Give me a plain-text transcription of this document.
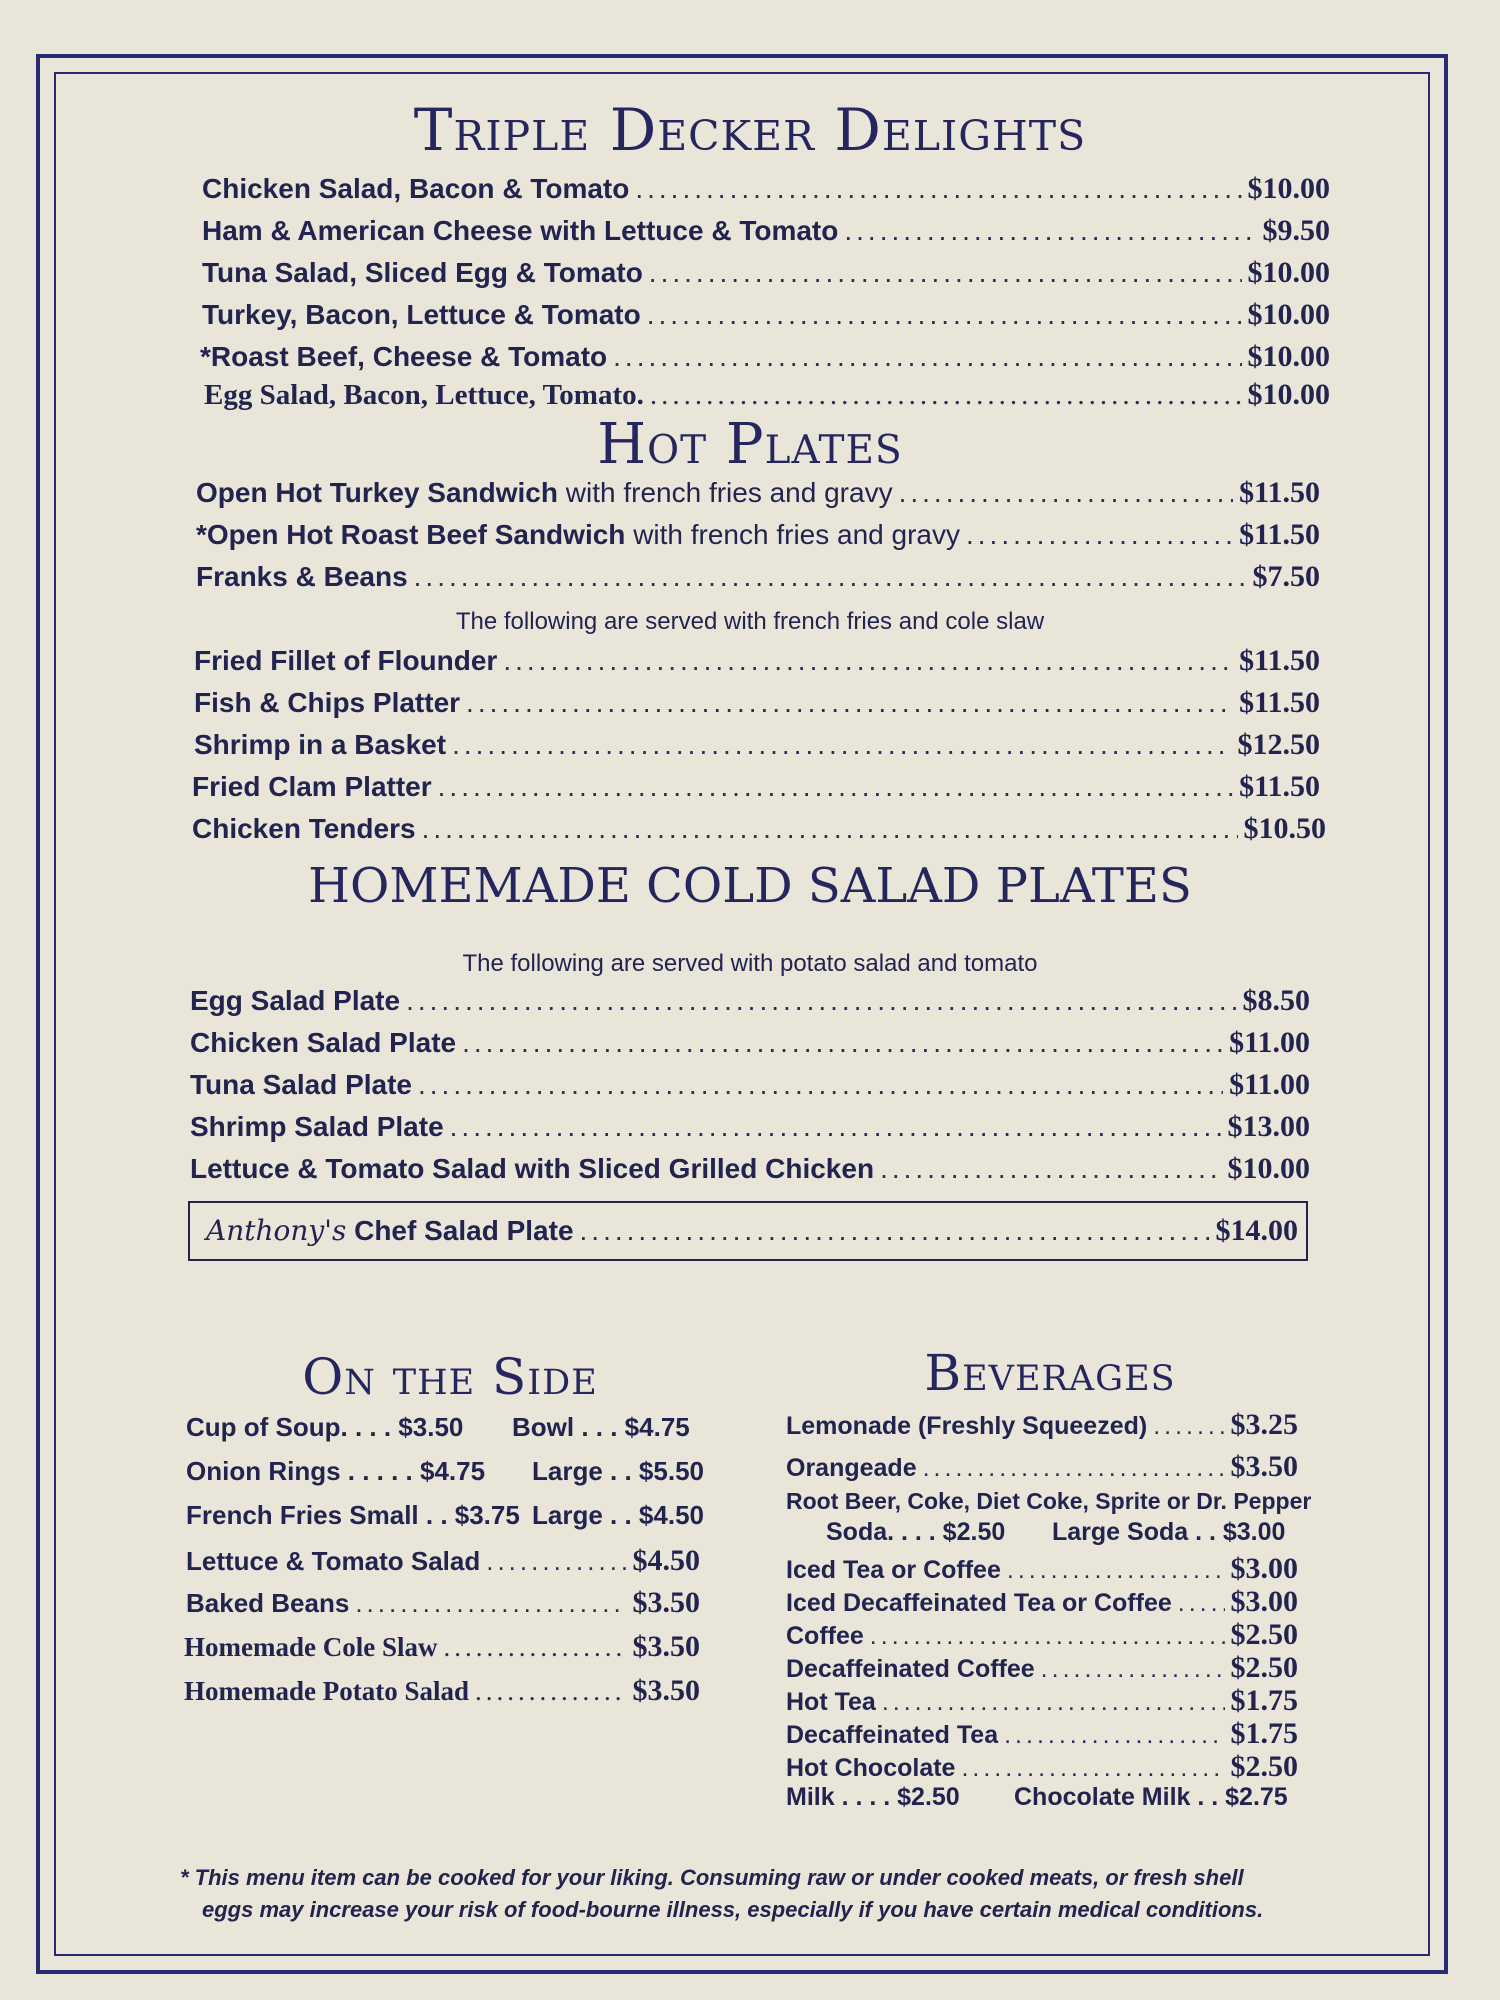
Triple Decker Delights
Chicken Salad, Bacon & Tomato .....	$10.00
Ham & American Cheese with Lettuce & Tomato .....	$9.50
Tuna Salad, Sliced Egg & Tomato .....	$10.00
Turkey, Bacon, Lettuce & Tomato .....	$10.00
*Roast Beef, Cheese & Tomato .....	$10.00
Egg Salad, Bacon, Lettuce, Tomato. .....	$10.00
Hot Plates
Open Hot Turkey Sandwich with french fries and gravy .....	$11.50
*Open Hot Roast Beef Sandwich with french fries and gravy .....	$11.50
Franks & Beans .....	$7.50
The following are served with french fries and cole slaw
Fried Fillet of Flounder .....	$11.50
Fish & Chips Platter .....	$11.50
Shrimp in a Basket .....	$12.50
Fried Clam Platter .....	$11.50
Chicken Tenders .....	$10.50
HOMEMADE COLD SALAD PLATES
The following are served with potato salad and tomato
Egg Salad Plate .....	$8.50
Chicken Salad Plate .....	$11.00
Tuna Salad Plate .....	$11.00
Shrimp Salad Plate .....	$13.00
Lettuce & Tomato Salad with Sliced Grilled Chicken .....	$10.00
Anthony's Chef Salad Plate .....	$14.00
On the Side
Cup of Soup. . . . $3.50 Bowl . . . $4.75
Onion Rings . . . . . $4.75 Large . . $5.50
French Fries Small . . $3.75 Large . . $4.50
Lettuce & Tomato Salad .....	$4.50
Baked Beans .....	$3.50
Homemade Cole Slaw .....	$3.50
Homemade Potato Salad .....	$3.50
Beverages
Lemonade (Freshly Squeezed) .....	$3.25
Orangeade .....	$3.50
Root Beer, Coke, Diet Coke, Sprite or Dr. Pepper
Soda. . . . $2.50 Large Soda . . $3.00
Iced Tea or Coffee .....	$3.00
Iced Decaffeinated Tea or Coffee ..... $3.00
Coffee .....	$2.50
Decaffeinated Coffee .....	$2.50
Hot Tea .....	$1.75
Decaffeinated Tea .....	$1.75
Hot Chocolate .....	$2.50
Milk . . . . $2.50 Chocolate Milk . . $2.75
* This menu item can be cooked for your liking. Consuming raw or under cooked meats, or fresh shell
eggs may increase your risk of food-bourne illness, especially if you have certain medical conditions.
